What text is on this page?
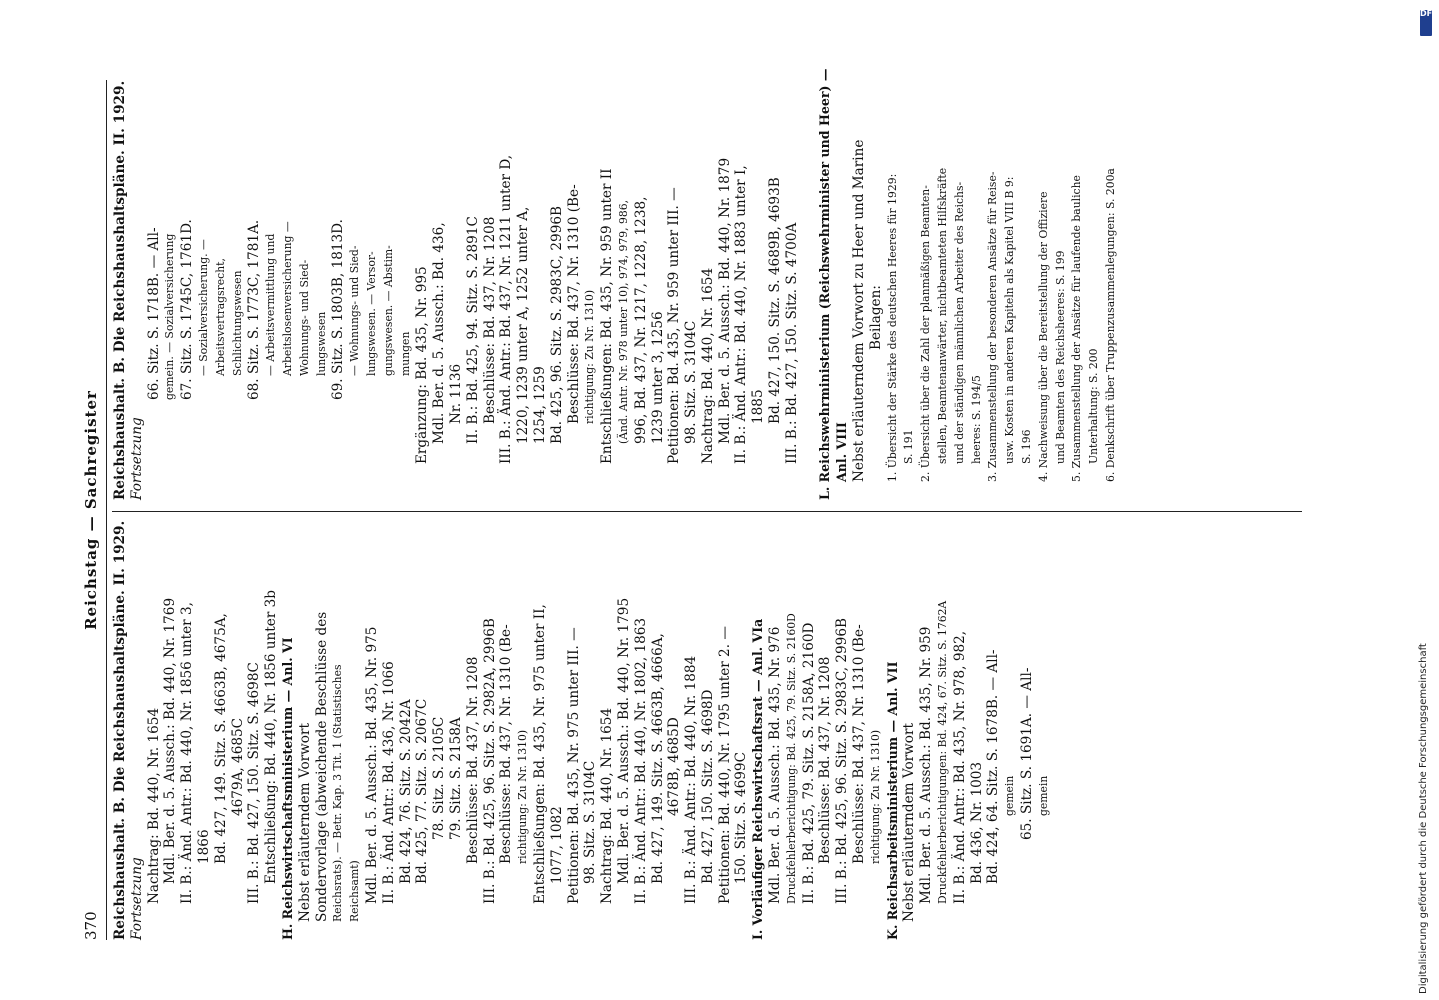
370
Reichstag — Sachregister
Reichshaushalt. B. Die Reichshaushaltspläne. II. 1929. Fortsetzung Nachtrag: Bd. 440, Nr. 1654 Mdl. Ber. d. 5. Aussch.: Bd. 440, Nr. 1769 II. B.: Änd. Antr.: Bd. 440, Nr. 1856 unter 3, 1866 Bd. 427, 149. Sitz. S. 4663B, 4675A, 4679A, 4685C III. B.: Bd. 427, 150. Sitz. S. 4698C Entschließung: Bd. 440, Nr. 1856 unter 3b H. Reichswirtschaftsministerium — Anl. VI Nebst erläuterndem Vorwort Sondervorlage (abweichende Beschlüsse des Reichsrats). — Betr. Kap. 3 Tit. 1 (Statistisches Reichsamt) Mdl. Ber. d. 5. Aussch.: Bd. 435, Nr. 975 II. B.: Änd. Antr.: Bd. 436, Nr. 1066 Bd. 424, 76. Sitz. S. 2042A Bd. 425, 77. Sitz. S. 2067C 78. Sitz. S. 2105C 79. Sitz. S. 2158A Beschlüsse: Bd. 437, Nr. 1208 III. B.: Bd. 425, 96. Sitz. S. 2982A, 2996B Beschlüsse: Bd. 437, Nr. 1310 (Be- richtigung: Zu Nr. 1310) Entschließungen: Bd. 435, Nr. 975 unter II, 1077, 1082 Petitionen: Bd. 435, Nr. 975 unter III. — 98. Sitz. S. 3104C Nachtrag: Bd. 440, Nr. 1654 Mdl. Ber. d. 5. Aussch.: Bd. 440, Nr. 1795 II. B.: Änd. Antr.: Bd. 440, Nr. 1802, 1863 Bd. 427, 149. Sitz. S. 4663B, 4666A, 4678B, 4685D III. B.: Änd. Antr.: Bd. 440, Nr. 1884 Bd. 427, 150. Sitz. S. 4698D Petitionen: Bd. 440, Nr. 1795 unter 2. — 150. Sitz. S. 4699C I. Vorläufiger Reichswirtschaftsrat — Anl. VIa Mdl. Ber. d. 5. Aussch.: Bd. 435, Nr. 976 Druckfehlerberichtigung: Bd. 425, 79. Sitz. S. 2160D II. B.: Bd. 425, 79. Sitz. S. 2158A, 2160D Beschlüsse: Bd. 437, Nr. 1208 III. B.: Bd. 425, 96. Sitz. S. 2983C, 2996B Beschlüsse: Bd. 437, Nr. 1310 (Be- richtigung: Zu Nr. 1310) K. Reichsarbeitsministerium — Anl. VII Nebst erläuterndem Vorwort Mdl. Ber. d. 5. Aussch.: Bd. 435, Nr. 959 Druckfehlerberichtigungen: Bd. 424, 67. Sitz. S. 1762A II. B.: Änd. Antr.: Bd. 435, Nr. 978, 982, Bd. 436, Nr. 1003 Bd. 424, 64. Sitz. S. 1678B. — All- gemein 65. Sitz. S. 1691A. — All- gemein
Reichshaushalt. B. Die Reichshaushaltspläne. II. 1929. Fortsetzung
66. Sitz. S. 1718B. — All- gemein. — Sozialversicherung 67. Sitz. S. 1745C, 1761D. — Sozialversicherung. — Arbeitsvertragsrecht, Schlichtungswesen 68. Sitz. S. 1773C, 1781A. — Arbeitsvermittlung und Arbeitslosenversicherung — Wohnungs- und Sied- lungswesen 69. Sitz. S. 1803B, 1813D. — Wohnungs- und Sied- lungswesen. — Versor- gungswesen. — Abstim- mungen Ergänzung: Bd. 435, Nr. 995 Mdl. Ber. d. 5. Aussch.: Bd. 436, Nr. 1136 II. B.: Bd. 425, 94. Sitz. S. 2891C Beschlüsse: Bd. 437, Nr. 1208 III. B.: Änd. Antr.: Bd. 437, Nr. 1211 unter D, 1220, 1239 unter A, 1252 unter A, 1254, 1259 Bd. 425, 96. Sitz. S. 2983C, 2996B Beschlüsse: Bd. 437, Nr. 1310 (Be- richtigung: Zu Nr. 1310) Entschließungen: Bd. 435, Nr. 959 unter II (Änd. Antr. Nr. 978 unter 10), 974, 979, 986, 996, Bd. 437, Nr. 1217, 1228, 1238, 1239 unter 3, 1256 Petitionen: Bd. 435, Nr. 959 unter III. — 98. Sitz. S. 3104C Nachtrag: Bd. 440, Nr. 1654 Mdl. Ber. d. 5. Aussch.: Bd. 440, Nr. 1879 II. B.: Änd. Antr.: Bd. 440, Nr. 1883 unter I, 1885 Bd. 427, 150. Sitz. S. 4689B, 4693B III. B.: Bd. 427, 150. Sitz. S. 4700A L. Reichswehrministerium (Reichswehrminister und Heer) — Anl. VIII Nebst erläuterndem Vorwort zu Heer und Marine Beilagen: 1. Übersicht der Stärke des deutschen Heeres für 1929: S. 191 2. Übersicht über die Zahl der planmäßigen Beamten- stellen, Beamtenanwärter, nichtbeamteten Hilfskräfte und der ständigen männlichen Arbeiter des Reichs- heeres: S. 194/5 3. Zusammenstellung der besonderen Ansätze für Reise- usw. Kosten in anderen Kapiteln als Kapitel VIII B 9: S. 196 4. Nachweisung über die Bereitstellung der Offiziere und Beamten des Reichsheeres: S. 199 5. Zusammenstellung der Ansätze für laufende bauliche Unterhaltung: S. 200 6. Denkschrift über Truppenzusammenlegungen: S. 200a
Digitalisierung gefördert durch die Deutsche Forschungsgemeinschaft
DFG
